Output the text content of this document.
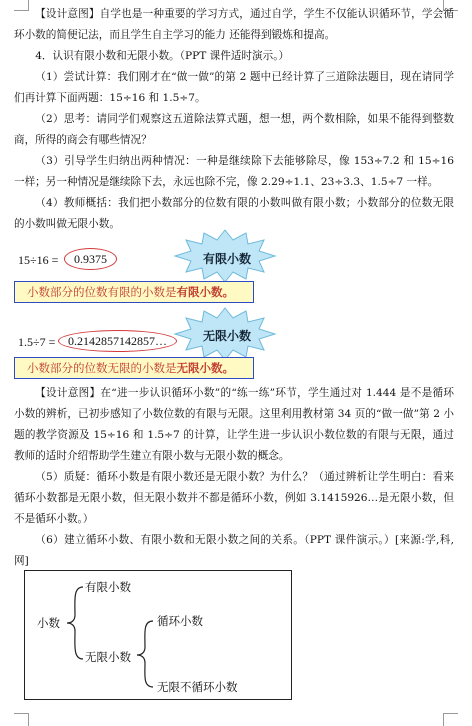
【设计意图】自学也是一种重要的学习方式，通过自学，学生不仅能认识循环节，学会循环小数的简便记法，而且学生自主学习的能力 还能得到锻炼和提高。

4．认识有限小数和无限小数。（PPT 课件适时演示。）

（1）尝试计算：我们刚才在“做一做”的第 2 题中已经计算了三道除法题目，现在请同学们再计算下面两题：15÷16 和 1.5÷7。

（2）思考：请同学们观察这五道除法算式题，想一想，两个数相除，如果不能得到整数商，所得的商会有哪些情况？

（3）引导学生归纳出两种情况：一种是继续除下去能够除尽，像 153÷7.2 和 15÷16 一样；另一种情况是继续除下去，永远也除不完，像 2.29÷1.1、23÷3.3、1.5÷7 一样。

（4）教师概括：我们把小数部分的位数有限的小数叫做有限小数；小数部分的位数无限的小数叫做无限小数。

15÷16 =	0.9375	有限小数
小数部分的位数有限的小数是有限小数。
无限小数
1.5÷7 =	0.2142857142857…
小数部分的位数无限的小数是无限小数。

【设计意图】在“进一步认识循环小数”的“练一练”环节，学生通过对 1.444 是不是循环小数的辨析，已初步感知了小数位数的有限与无限。这里利用教材第 34 页的“做一做”第 2 小题的教学资源及 15÷16 和 1.5÷7 的计算，让学生进一步认识小数位数的有限与无限，通过教师的适时介绍帮助学生建立有限小数与无限小数的概念。

（5）质疑：循环小数是有限小数还是无限小数？为什么？（通过辨析让学生明白：看来循环小数都是无限小数，但无限小数并不都是循环小数，例如 3.1415926…是无限小数，但不是循环小数。）

（6）建立循环小数、有限小数和无限小数之间的关系。（PPT 课件演示。）[来源:学,科,网]

小数
有限小数
无限小数
循环小数
无限不循环小数
